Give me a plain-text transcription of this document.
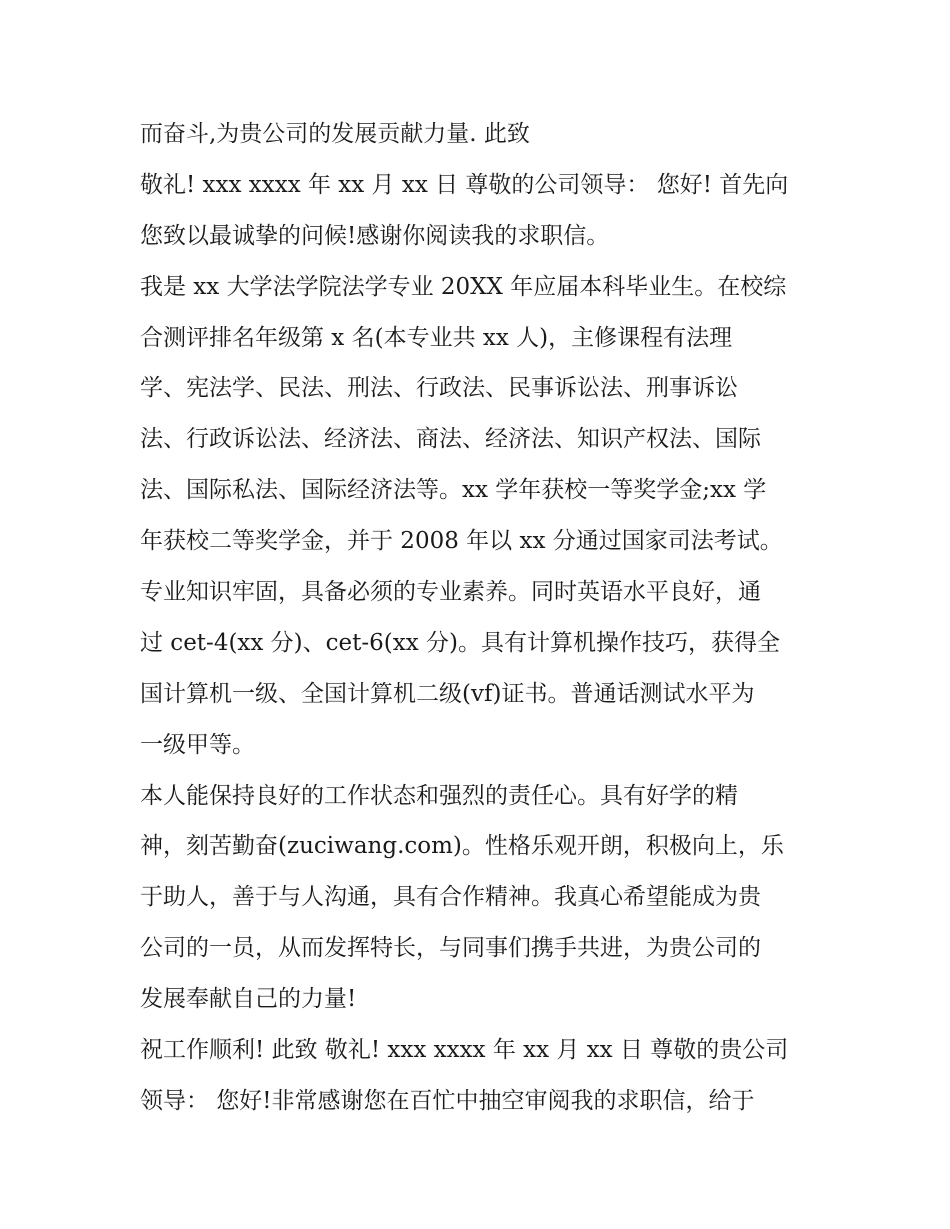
而奋斗,为贵公司的发展贡献力量. 此致
敬礼! xxx xxxx 年 xx 月 xx 日 尊敬的公司领导： 您好! 首先向
您致以最诚挚的问候!感谢你阅读我的求职信。
我是 xx 大学法学院法学专业 20XX 年应届本科毕业生。在校综
合测评排名年级第 x 名(本专业共 xx 人)，主修课程有法理
学、宪法学、民法、刑法、行政法、民事诉讼法、刑事诉讼
法、行政诉讼法、经济法、商法、经济法、知识产权法、国际
法、国际私法、国际经济法等。xx 学年获校一等奖学金;xx 学
年获校二等奖学金，并于 2008 年以 xx 分通过国家司法考试。
专业知识牢固，具备必须的专业素养。同时英语水平良好，通
过 cet-4(xx 分)、cet-6(xx 分)。具有计算机操作技巧，获得全
国计算机一级、全国计算机二级(vf)证书。普通话测试水平为
一级甲等。
本人能保持良好的工作状态和强烈的责任心。具有好学的精
神，刻苦勤奋(zuciwang.com)。性格乐观开朗，积极向上，乐
于助人，善于与人沟通，具有合作精神。我真心希望能成为贵
公司的一员，从而发挥特长，与同事们携手共进，为贵公司的
发展奉献自己的力量!
祝工作顺利! 此致 敬礼! xxx xxxx 年 xx 月 xx 日 尊敬的贵公司
领导： 您好!非常感谢您在百忙中抽空审阅我的求职信，给于
